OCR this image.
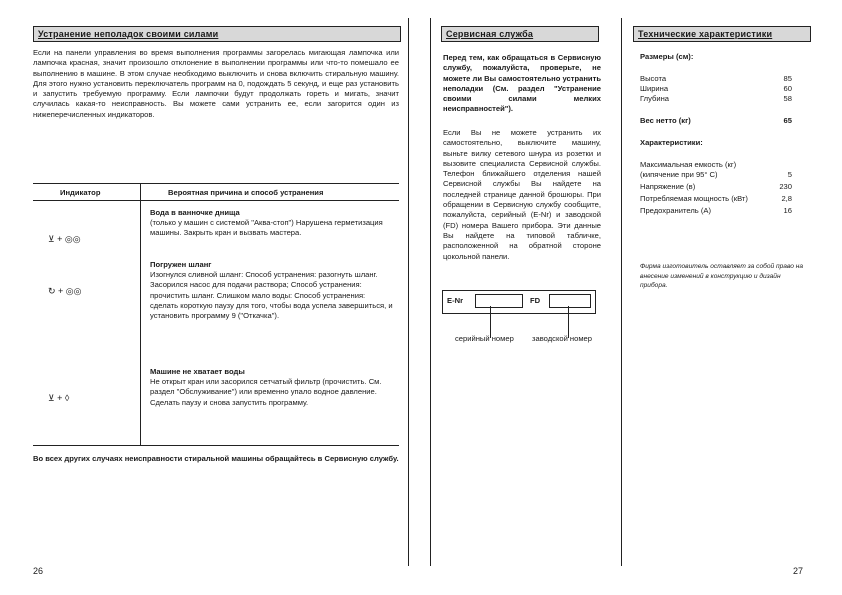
Устранение неполадок своими силами
Если на панели управления во время выполнения программы загорелась мигающая лампочка или лампочка красная, значит произошло отклонение в выполнении программы или что-то помешало ее выполнению в машине. В этом случае необходимо выключить и снова включить стиральную машину. Для этого нужно установить переключатель программ на 0, подождать 5 секунд, и еще раз установить и запустить требуемую программу. Если лампочки будут продолжать гореть и мигать, значит случилась какая-то неисправность. Вы можете сами устранить ее, если загорится один из нижеперечисленных индикаторов.
Индикатор	Вероятная причина и способ устранения
⊻ + ◎◎
Вода в ванночке днища
(только у машин с системой "Аква-стоп") Нарушена герметизация машины. Закрыть кран и вызвать мастера.
↻ + ◎◎
Погружен шланг
Изогнулся сливной шланг: Способ устранения: разогнуть шланг. Засорился насос для подачи раствора; Способ устранения: прочистить шланг. Слишком мало воды: Способ устранения: сделать короткую паузу для того, чтобы вода успела завершиться, и установить программу 9 ("Откачка").
⊻ + ◊
Машине не хватает воды
Не открыт кран или засорился сетчатый фильтр (прочистить. См. раздел "Обслуживание") или временно упало водное давление. Сделать паузу и снова запустить программу.
Во всех других случаях неисправности стиральной машины обращайтесь в Сервисную службу.
26
Сервисная служба
Перед тем, как обращаться в Сервисную службу, пожалуйста, проверьте, не можете ли Вы самостоятельно устранить неполадки (См. раздел "Устранение своими силами мелких неисправностей").
Если Вы не можете устранить их самостоятельно, выключите машину, выньте вилку сетевого шнура из розетки и вызовите специалиста Сервисной службы. Телефон ближайшего отделения нашей Сервисной службы Вы найдете на последней странице данной брошюры. При обращении в Сервисную службу сообщите, пожалуйста, серийный (E-Nr) и заводской (FD) номера Вашего прибора. Эти данные Вы найдете на типовой табличке, расположенной на обратной стороне цокольной панели.
E-Nr	FD
серийный номер заводской номер
Технические характеристики
Размеры (см):
Высота	85
Ширина	60
Глубина	58
Вес нетто (кг)	65
Характеристики:
Максимальная емкость (кг)
(кипячение при 95° С)	5
Напряжение (в)	230
Потребляемая мощность (кВт)	2,8
Предохранитель (А)	16
Фирма изготовитель оставляет за собой право на внесение изменений в конструкцию и дизайн прибора.
27
